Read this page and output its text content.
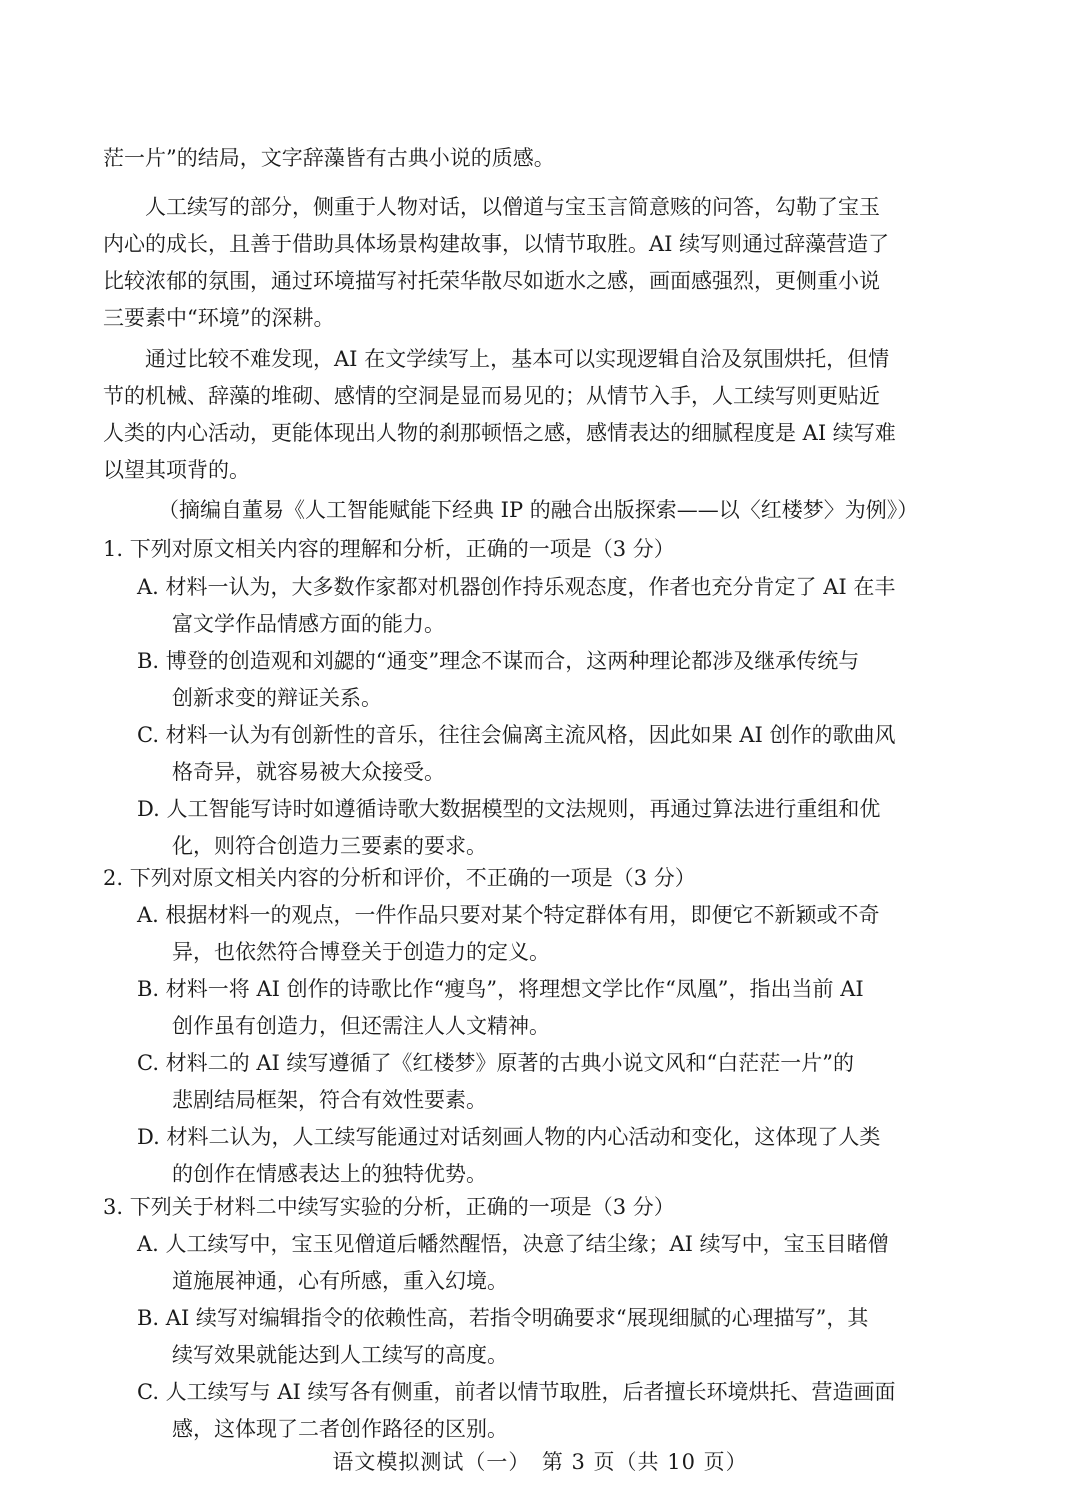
茫一片”的结局，文字辞藻皆有古典小说的质感。
人工续写的部分，侧重于人物对话，以僧道与宝玉言简意赅的问答，勾勒了宝玉
内心的成长，且善于借助具体场景构建故事，以情节取胜。AI 续写则通过辞藻营造了
比较浓郁的氛围，通过环境描写衬托荣华散尽如逝水之感，画面感强烈，更侧重小说
三要素中“环境”的深耕。
通过比较不难发现，AI 在文学续写上，基本可以实现逻辑自洽及氛围烘托，但情
节的机械、辞藻的堆砌、感情的空洞是显而易见的；从情节入手，人工续写则更贴近
人类的内心活动，更能体现出人物的刹那顿悟之感，感情表达的细腻程度是 AI 续写难
以望其项背的。
（摘编自董易《人工智能赋能下经典 IP 的融合出版探索——以〈红楼梦〉为例》）
1. 下列对原文相关内容的理解和分析，正确的一项是（3 分）
A. 材料一认为，大多数作家都对机器创作持乐观态度，作者也充分肯定了 AI 在丰
富文学作品情感方面的能力。
B. 博登的创造观和刘勰的“通变”理念不谋而合，这两种理论都涉及继承传统与
创新求变的辩证关系。
C. 材料一认为有创新性的音乐，往往会偏离主流风格，因此如果 AI 创作的歌曲风
格奇异，就容易被大众接受。
D. 人工智能写诗时如遵循诗歌大数据模型的文法规则，再通过算法进行重组和优
化，则符合创造力三要素的要求。
2. 下列对原文相关内容的分析和评价，不正确的一项是（3 分）
A. 根据材料一的观点，一件作品只要对某个特定群体有用，即便它不新颖或不奇
异，也依然符合博登关于创造力的定义。
B. 材料一将 AI 创作的诗歌比作“瘦鸟”，将理想文学比作“凤凰”，指出当前 AI
创作虽有创造力，但还需注人人文精神。
C. 材料二的 AI 续写遵循了《红楼梦》原著的古典小说文风和“白茫茫一片”的
悲剧结局框架，符合有效性要素。
D. 材料二认为，人工续写能通过对话刻画人物的内心活动和变化，这体现了人类
的创作在情感表达上的独特优势。
3. 下列关于材料二中续写实验的分析，正确的一项是（3 分）
A. 人工续写中，宝玉见僧道后幡然醒悟，决意了结尘缘；AI 续写中，宝玉目睹僧
道施展神通，心有所感，重入幻境。
B. AI 续写对编辑指令的依赖性高，若指令明确要求“展现细腻的心理描写”，其
续写效果就能达到人工续写的高度。
C. 人工续写与 AI 续写各有侧重，前者以情节取胜，后者擅长环境烘托、营造画面
感，这体现了二者创作路径的区别。
语文模拟测试（一）　第 3 页（共 10 页）
